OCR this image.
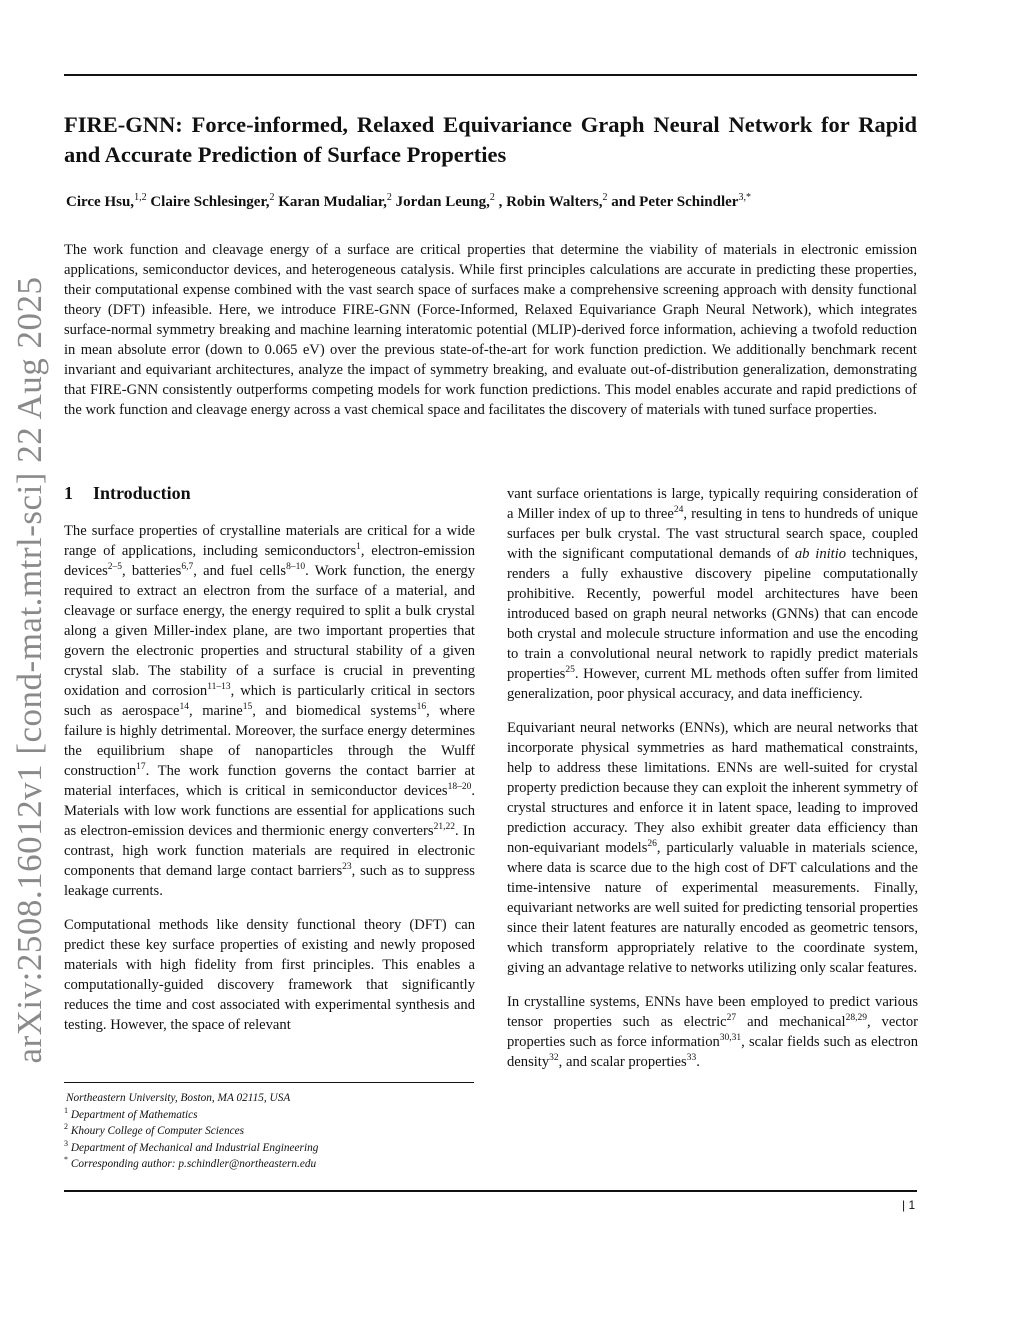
arXiv:2508.16012v1 [cond-mat.mtrl-sci] 22 Aug 2025
FIRE-GNN: Force-informed, Relaxed Equivariance Graph Neural Network for Rapid and Accurate Prediction of Surface Properties
Circe Hsu,$^{1,2}$ Claire Schlesinger,$^2$ Karan Mudaliar,$^2$ Jordan Leung,$^2$ , Robin Walters,$^2$ and Peter Schindler$^{3,*}$

The work function and cleavage energy of a surface are critical properties that determine the viability of materials in electronic emission applications, semiconductor devices, and heterogeneous catalysis. While first principles calculations are accurate in predicting these properties, their computational expense combined with the vast search space of surfaces make a comprehensive screening approach with density functional theory (DFT) infeasible. Here, we introduce FIRE-GNN (Force-Informed, Relaxed Equivariance Graph Neural Network), which integrates surface-normal symmetry breaking and machine learning interatomic potential (MLIP)-derived force information, achieving a twofold reduction in mean absolute error (down to 0.065 eV) over the previous state-of-the-art for work function prediction. We additionally benchmark recent invariant and equivariant architectures, analyze the impact of symmetry breaking, and evaluate out-of-distribution generalization, demonstrating that FIRE-GNN consistently outperforms competing models for work function predictions. This model enables accurate and rapid predictions of the work function and cleavage energy across a vast chemical space and facilitates the discovery of materials with tuned surface properties.

1 Introduction

The surface properties of crystalline materials are critical for a wide range of applications, including semiconductors$^1$, electron-emission devices$^{2-5}$, batteries$^{6,7}$, and fuel cells$^{8-10}$. Work function, the energy required to extract an electron from the surface of a material, and cleavage or surface energy, the energy required to split a bulk crystal along a given Miller-index plane, are two important properties that govern the electronic properties and structural stability of a given crystal slab. The stability of a surface is crucial in preventing oxidation and corrosion$^{11-13}$, which is particularly critical in sectors such as aerospace$^{14}$, marine$^{15}$, and biomedical systems$^{16}$, where failure is highly detrimental. Moreover, the surface energy determines the equilibrium shape of nanoparticles through the Wulff construction$^{17}$. The work function governs the contact barrier at material interfaces, which is critical in semiconductor devices$^{18-20}$. Materials with low work functions are essential for applications such as electron-emission devices and thermionic energy converters$^{21,22}$. In contrast, high work function materials are required in electronic components that demand large contact barriers$^{23}$, such as to suppress leakage currents.

Computational methods like density functional theory (DFT) can predict these key surface properties of existing and newly proposed materials with high fidelity from first principles. This enables a computationally-guided discovery framework that significantly reduces the time and cost associated with experimental synthesis and testing. However, the space of relevant

vant surface orientations is large, typically requiring consideration of a Miller index of up to three$^{24}$, resulting in tens to hundreds of unique surfaces per bulk crystal. The vast structural search space, coupled with the significant computational demands of ab initio techniques, renders a fully exhaustive discovery pipeline computationally prohibitive. Recently, powerful model architectures have been introduced based on graph neural networks (GNNs) that can encode both crystal and molecule structure information and use the encoding to train a convolutional neural network to rapidly predict materials properties$^{25}$. However, current ML methods often suffer from limited generalization, poor physical accuracy, and data inefficiency.

Equivariant neural networks (ENNs), which are neural networks that incorporate physical symmetries as hard mathematical constraints, help to address these limitations. ENNs are well-suited for crystal property prediction because they can exploit the inherent symmetry of crystal structures and enforce it in latent space, leading to improved prediction accuracy. They also exhibit greater data efficiency than non-equivariant models$^{26}$, particularly valuable in materials science, where data is scarce due to the high cost of DFT calculations and the time-intensive nature of experimental measurements. Finally, equivariant networks are well suited for predicting tensorial properties since their latent features are naturally encoded as geometric tensors, which transform appropriately relative to the coordinate system, giving an advantage relative to networks utilizing only scalar features.

In crystalline systems, ENNs have been employed to predict various tensor properties such as electric$^{27}$ and mechanical$^{28,29}$, vector properties such as force information$^{30,31}$, scalar fields such as electron density$^{32}$, and scalar properties$^{33}$.

Northeastern University, Boston, MA 02115, USA
$^1$ Department of Mathematics
$^2$ Khoury College of Computer Sciences
$^3$ Department of Mechanical and Industrial Engineering
* Corresponding author: p.schindler@northeastern.edu
| 1
